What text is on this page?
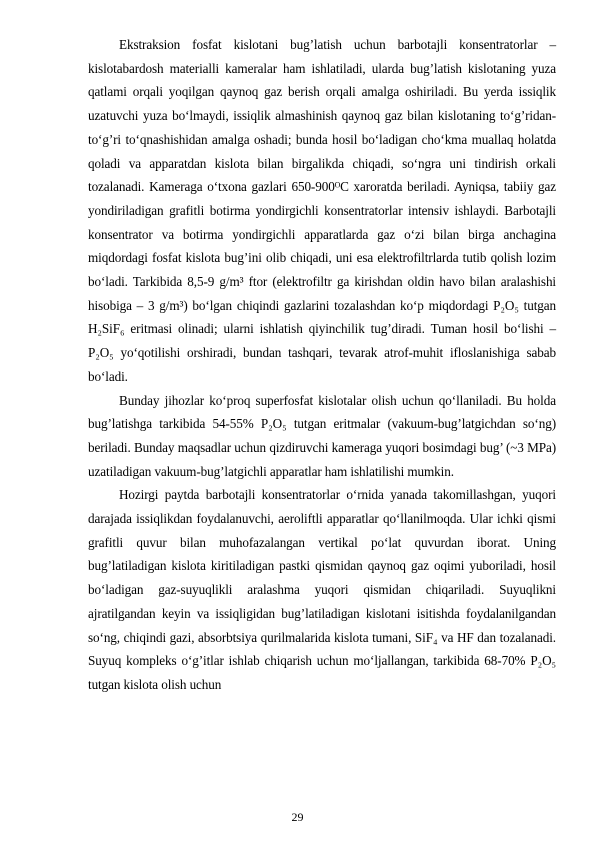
Ekstraksion fosfat kislotani bug’latish uchun barbotajli konsentratorlar – kislotabardosh materialli kameralar ham ishlatiladi, ularda bug’latish kislotaning yuza qatlami orqali yoqilgan qaynoq gaz berish orqali amalga oshiriladi. Bu yerda issiqlik uzatuvchi yuza bo‘lmaydi, issiqlik almashinish qaynoq gaz bilan kislotaning to‘g’ridan-to‘g’ri to‘qnashishidan amalga oshadi; bunda hosil bo‘ladigan cho‘kma muallaq holatda qoladi va apparatdan kislota bilan birgalikda chiqadi, so‘ngra uni tindirish orkali tozalanadi. Kameraga o‘txona gazlari 650-900ᴼC xaroratda beriladi. Ayniqsa, tabiiy gaz yondiriladigan grafitli botirma yondirgichli konsentratorlar intensiv ishlaydi. Barbotajli konsentrator va botirma yondirgichli apparatlarda gaz o‘zi bilan birga anchagina miqdordagi fosfat kislota bug’ini olib chiqadi, uni esa elektrofiltrlarda tutib qolish lozim bo‘ladi. Tarkibida 8,5-9 g/m³ ftor (elektrofiltr ga kirishdan oldin havo bilan aralashishi hisobiga – 3 g/m³) bo‘lgan chiqindi gazlarini tozalashdan ko‘p miqdordagi P₂O₅ tutgan H₂SiF₆ eritmasi olinadi; ularni ishlatish qiyinchilik tug’diradi. Tuman hosil bo‘lishi – P₂O₅ yo‘qotilishi orshiradi, bundan tashqari, tevarak atrof-muhit ifloslanishiga sabab bo‘ladi.

Bunday jihozlar ko‘proq superfosfat kislotalar olish uchun qo‘llaniladi. Bu holda bug’latishga tarkibida 54-55% P₂O₅ tutgan eritmalar (vakuum-bug’latgichdan so‘ng) beriladi. Bunday maqsadlar uchun qizdiruvchi kameraga yuqori bosimdagi bug’ (~3 MPa) uzatiladigan vakuum-bug’latgichli apparatlar ham ishlatilishi mumkin.

Hozirgi paytda barbotajli konsentratorlar o‘rnida yanada takomillashgan, yuqori darajada issiqlikdan foydalanuvchi, aeroliftli apparatlar qo‘llanilmoqda. Ular ichki qismi grafitli quvur bilan muhofazalangan vertikal po‘lat quvurdan iborat. Uning bug’latiladigan kislota kiritiladigan pastki qismidan qaynoq gaz oqimi yuboriladi, hosil bo‘ladigan gaz-suyuqlikli aralashma yuqori qismidan chiqariladi. Suyuqlikni ajratilgandan keyin va issiqligidan bug’latiladigan kislotani isitishda foydalanilgandan so‘ng, chiqindi gazi, absorbtsiya qurilmalarida kislota tumani, SiF₄ va HF dan tozalanadi. Suyuq kompleks o‘g’itlar ishlab chiqarish uchun mo‘ljallangan, tarkibida 68-70% P₂O₅ tutgan kislota olish uchun

29
